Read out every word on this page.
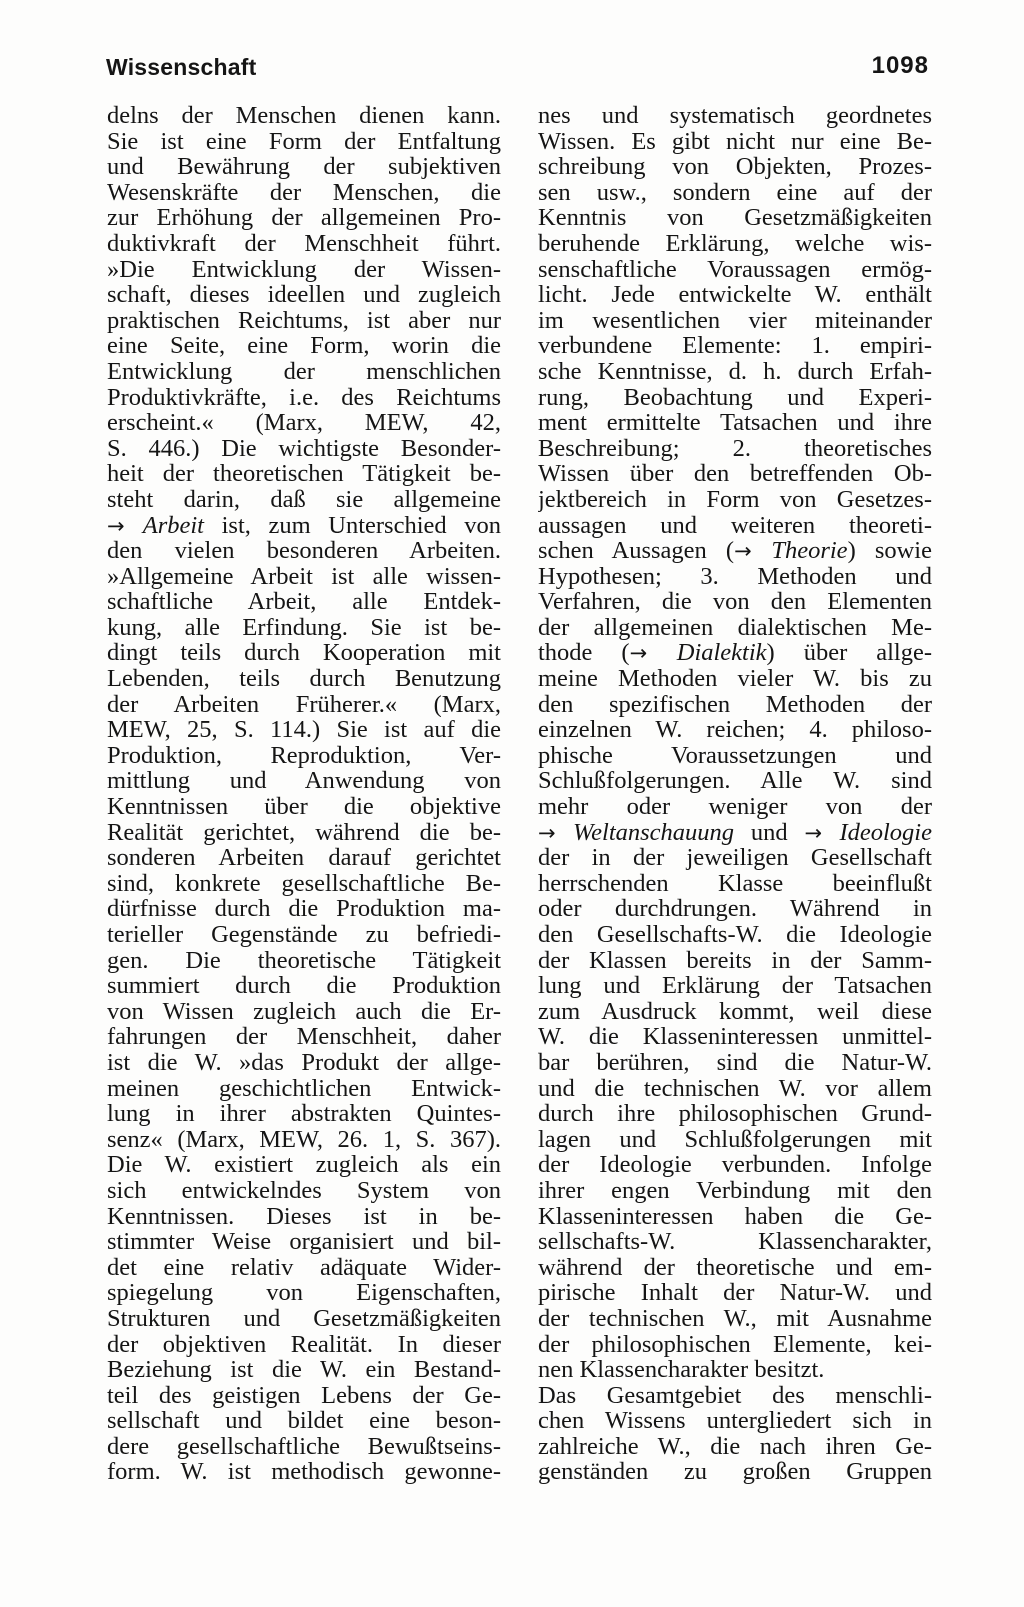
Wissenschaft	1098
delns der Menschen dienen kann.
Sie ist eine Form der Entfaltung
und Bewährung der subjektiven
Wesenskräfte der Menschen, die
zur Erhöhung der allgemeinen Pro-
duktivkraft der Menschheit führt.
»Die Entwicklung der Wissen-
schaft, dieses ideellen und zugleich
praktischen Reichtums, ist aber nur
eine Seite, eine Form, worin die
Entwicklung der menschlichen
Produktivkräfte, i.e. des Reichtums
erscheint.« (Marx, MEW, 42,
S. 446.) Die wichtigste Besonder-
heit der theoretischen Tätigkeit be-
steht darin, daß sie allgemeine
→ Arbeit ist, zum Unterschied von
den vielen besonderen Arbeiten.
»Allgemeine Arbeit ist alle wissen-
schaftliche Arbeit, alle Entdek-
kung, alle Erfindung. Sie ist be-
dingt teils durch Kooperation mit
Lebenden, teils durch Benutzung
der Arbeiten Früherer.« (Marx,
MEW, 25, S. 114.) Sie ist auf die
Produktion, Reproduktion, Ver-
mittlung und Anwendung von
Kenntnissen über die objektive
Realität gerichtet, während die be-
sonderen Arbeiten darauf gerichtet
sind, konkrete gesellschaftliche Be-
dürfnisse durch die Produktion ma-
terieller Gegenstände zu befriedi-
gen. Die theoretische Tätigkeit
summiert durch die Produktion
von Wissen zugleich auch die Er-
fahrungen der Menschheit, daher
ist die W. »das Produkt der allge-
meinen geschichtlichen Entwick-
lung in ihrer abstrakten Quintes-
senz« (Marx, MEW, 26. 1, S. 367).
Die W. existiert zugleich als ein
sich entwickelndes System von
Kenntnissen. Dieses ist in be-
stimmter Weise organisiert und bil-
det eine relativ adäquate Wider-
spiegelung von Eigenschaften,
Strukturen und Gesetzmäßigkeiten
der objektiven Realität. In dieser
Beziehung ist die W. ein Bestand-
teil des geistigen Lebens der Ge-
sellschaft und bildet eine beson-
dere gesellschaftliche Bewußtseins-
form. W. ist methodisch gewonne-
nes und systematisch geordnetes
Wissen. Es gibt nicht nur eine Be-
schreibung von Objekten, Prozes-
sen usw., sondern eine auf der
Kenntnis von Gesetzmäßigkeiten
beruhende Erklärung, welche wis-
senschaftliche Voraussagen ermög-
licht. Jede entwickelte W. enthält
im wesentlichen vier miteinander
verbundene Elemente: 1. empiri-
sche Kenntnisse, d. h. durch Erfah-
rung, Beobachtung und Experi-
ment ermittelte Tatsachen und ihre
Beschreibung; 2. theoretisches
Wissen über den betreffenden Ob-
jektbereich in Form von Gesetzes-
aussagen und weiteren theoreti-
schen Aussagen (→ Theorie) sowie
Hypothesen; 3. Methoden und
Verfahren, die von den Elementen
der allgemeinen dialektischen Me-
thode (→ Dialektik) über allge-
meine Methoden vieler W. bis zu
den spezifischen Methoden der
einzelnen W. reichen; 4. philoso-
phische Voraussetzungen und
Schlußfolgerungen. Alle W. sind
mehr oder weniger von der
→ Weltanschauung und → Ideologie
der in der jeweiligen Gesellschaft
herrschenden Klasse beeinflußt
oder durchdrungen. Während in
den Gesellschafts-W. die Ideologie
der Klassen bereits in der Samm-
lung und Erklärung der Tatsachen
zum Ausdruck kommt, weil diese
W. die Klasseninteressen unmittel-
bar berühren, sind die Natur-W.
und die technischen W. vor allem
durch ihre philosophischen Grund-
lagen und Schlußfolgerungen mit
der Ideologie verbunden. Infolge
ihrer engen Verbindung mit den
Klasseninteressen haben die Ge-
sellschafts-W. Klassencharakter,
während der theoretische und em-
pirische Inhalt der Natur-W. und
der technischen W., mit Ausnahme
der philosophischen Elemente, kei-
nen Klassencharakter besitzt.
Das Gesamtgebiet des menschli-
chen Wissens untergliedert sich in
zahlreiche W., die nach ihren Ge-
genständen zu großen Gruppen
